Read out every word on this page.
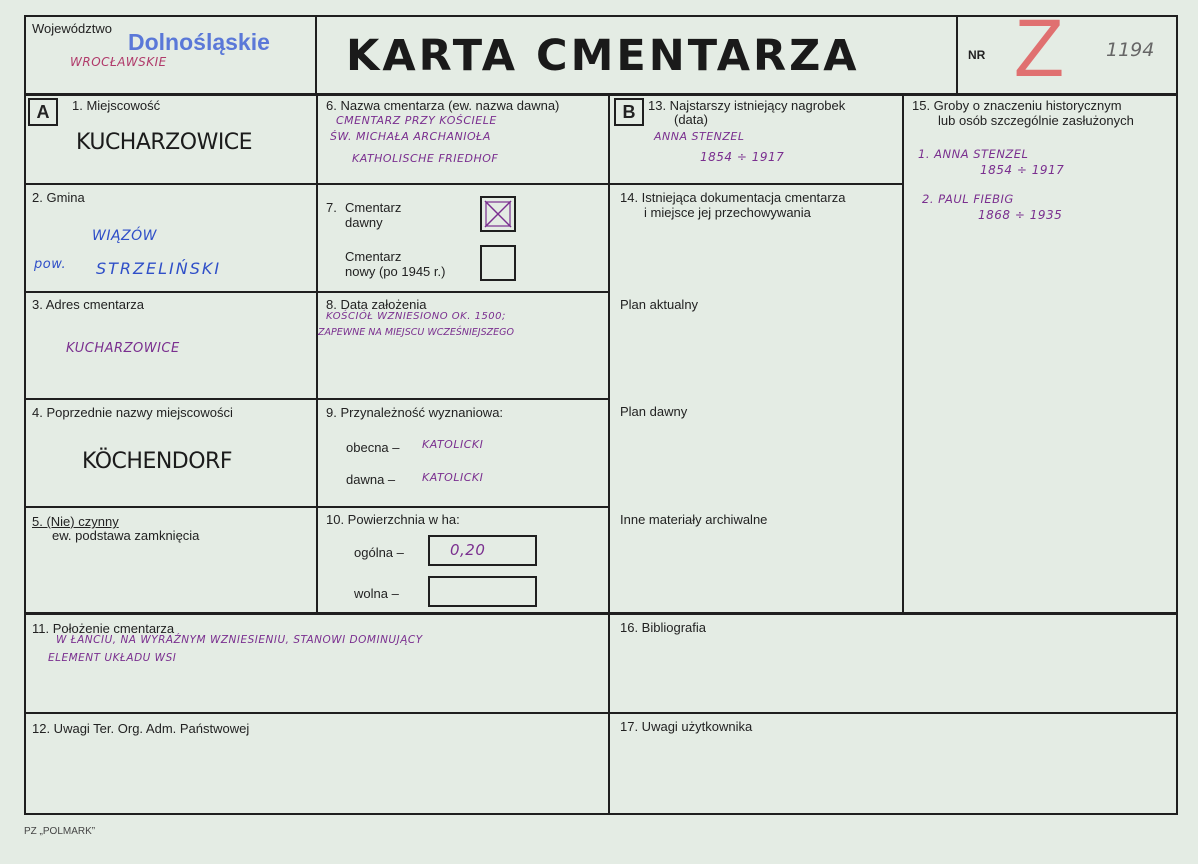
Województwo
Dolnośląskie
WROCŁAWSKIE	KARTA CMENTARZA	NR Z 1194
A	1. Miejscowość
KUCHARZOWICE
2. Gmina
WIĄZÓW
pow. STRZELIŃSKI
3. Adres cmentarza
KUCHARZOWICE
4. Poprzednie nazwy miejscowości
KÖCHENDORF
5. (Nie) czynny
ew. podstawa zamknięcia
6. Nazwa cmentarza (ew. nazwa dawna)
CMENTARZ PRZY KOŚCIELE
ŚW. MICHAŁA ARCHANIOŁA
KATHOLISCHE FRIEDHOF
7. Cmentarz
dawny
Cmentarz
nowy (po 1945 r.)
8. Data założenia
KOŚCIÓŁ WZNIESIONO OK. 1500;
ZAPEWNE NA MIEJSCU WCZEŚNIEJSZEGO
9. Przynależność wyznaniowa:
obecna – KATOLICKI
dawna – KATOLICKI
10. Powierzchnia w ha:
ogólna –	0,20
wolna –
11. Położenie cmentarza
W ŁANCIU, NA WYRAŹNYM WZNIESIENIU, STANOWI DOMINUJĄCY
ELEMENT UKŁADU WSI
12. Uwagi Ter. Org. Adm. Państwowej
B 13. Najstarszy istniejący nagrobek
(data)
ANNA STENZEL
1854 ÷ 1917
14. Istniejąca dokumentacja cmentarza
i miejsce jej przechowywania
Plan aktualny
Plan dawny
Inne materiały archiwalne
15. Groby o znaczeniu historycznym
lub osób szczególnie zasłużonych
1. ANNA STENZEL
1854 ÷ 1917
2. PAUL FIEBIG
1868 ÷ 1935
16. Bibliografia
17. Uwagi użytkownika
PZ „POLMARK”
